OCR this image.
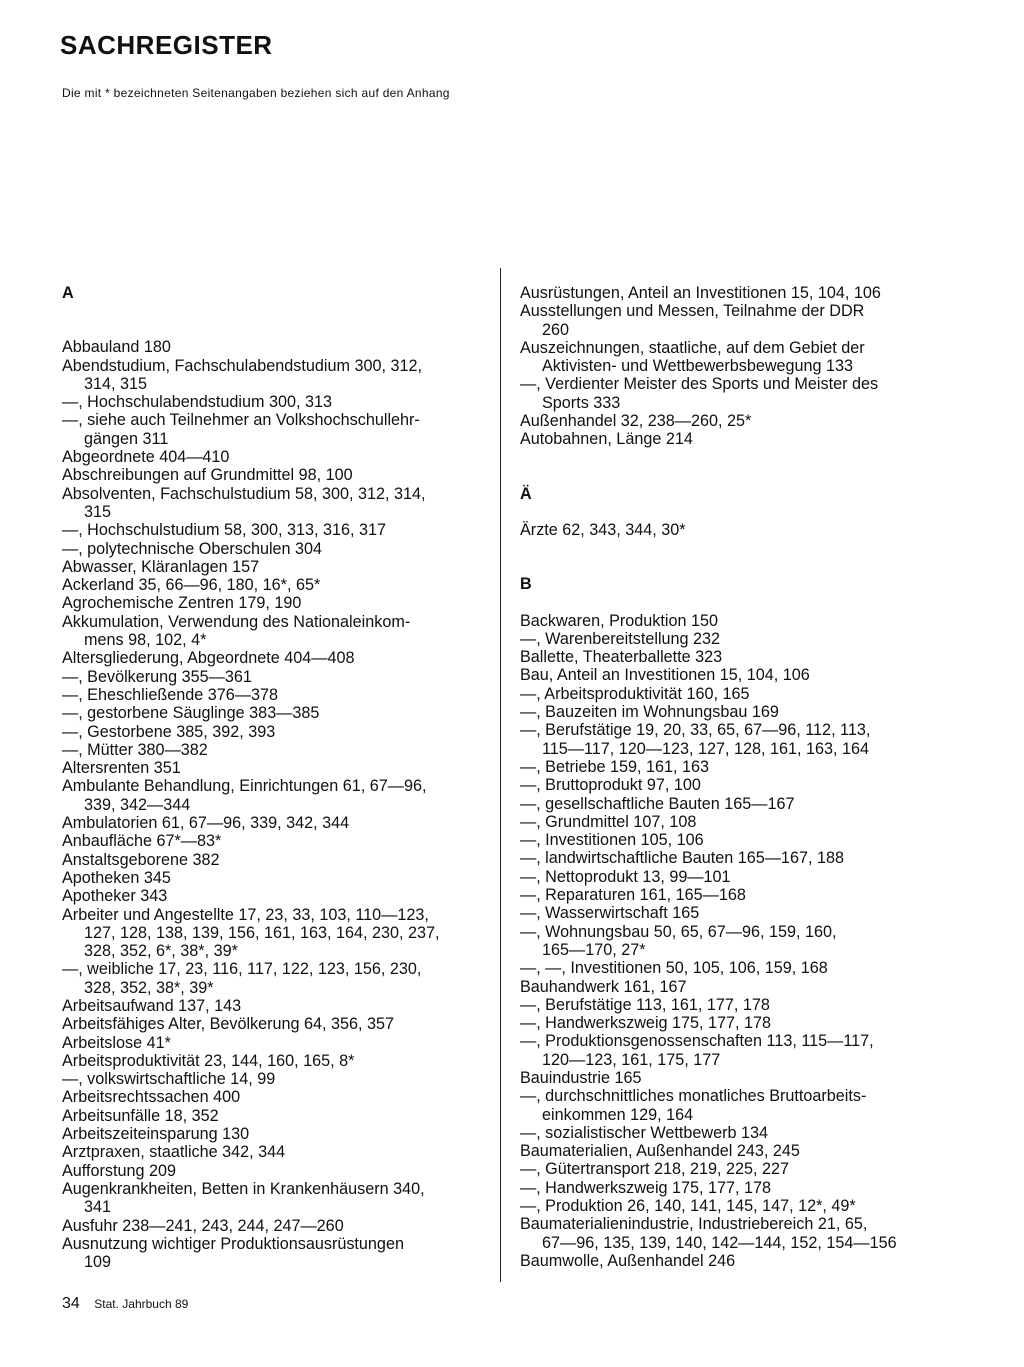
SACHREGISTER
Die mit * bezeichneten Seitenangaben beziehen sich auf den Anhang

A

Abbauland 180

Abendstudium, Fachschulabendstudium 300, 312,
314, 315

—, Hochschulabendstudium 300, 313

—, siehe auch Teilnehmer an Volkshochschullehr-
gängen 311

Abgeordnete 404—410

Abschreibungen auf Grundmittel 98, 100

Absolventen, Fachschulstudium 58, 300, 312, 314,
315

—, Hochschulstudium 58, 300, 313, 316, 317

—, polytechnische Oberschulen 304

Abwasser, Kläranlagen 157

Ackerland 35, 66—96, 180, 16*, 65*

Agrochemische Zentren 179, 190

Akkumulation, Verwendung des Nationaleinkom-
mens 98, 102, 4*

Altersgliederung, Abgeordnete 404—408

—, Bevölkerung 355—361

—, Eheschließende 376—378

—, gestorbene Säuglinge 383—385

—, Gestorbene 385, 392, 393

—, Mütter 380—382

Altersrenten 351

Ambulante Behandlung, Einrichtungen 61, 67—96,
339, 342—344

Ambulatorien 61, 67—96, 339, 342, 344

Anbaufläche 67*—83*

Anstaltsgeborene 382

Apotheken 345

Apotheker 343

Arbeiter und Angestellte 17, 23, 33, 103, 110—123,
127, 128, 138, 139, 156, 161, 163, 164, 230, 237,
328, 352, 6*, 38*, 39*

—, weibliche 17, 23, 116, 117, 122, 123, 156, 230,
328, 352, 38*, 39*

Arbeitsaufwand 137, 143

Arbeitsfähiges Alter, Bevölkerung 64, 356, 357

Arbeitslose 41*

Arbeitsproduktivität 23, 144, 160, 165, 8*

—, volkswirtschaftliche 14, 99

Arbeitsrechtssachen 400

Arbeitsunfälle 18, 352

Arbeitszeiteinsparung 130

Arztpraxen, staatliche 342, 344

Aufforstung 209

Augenkrankheiten, Betten in Krankenhäusern 340,
341

Ausfuhr 238—241, 243, 244, 247—260

Ausnutzung wichtiger Produktionsausrüstungen
109

Ausrüstungen, Anteil an Investitionen 15, 104, 106

Ausstellungen und Messen, Teilnahme der DDR
260

Auszeichnungen, staatliche, auf dem Gebiet der
Aktivisten- und Wettbewerbsbewegung 133

—, Verdienter Meister des Sports und Meister des
Sports 333

Außenhandel 32, 238—260, 25*

Autobahnen, Länge 214

Ä

Ärzte 62, 343, 344, 30*

B

Backwaren, Produktion 150

—, Warenbereitstellung 232

Ballette, Theaterballette 323

Bau, Anteil an Investitionen 15, 104, 106

—, Arbeitsproduktivität 160, 165

—, Bauzeiten im Wohnungsbau 169

—, Berufstätige 19, 20, 33, 65, 67—96, 112, 113,
115—117, 120—123, 127, 128, 161, 163, 164

—, Betriebe 159, 161, 163

—, Bruttoprodukt 97, 100

—, gesellschaftliche Bauten 165—167

—, Grundmittel 107, 108

—, Investitionen 105, 106

—, landwirtschaftliche Bauten 165—167, 188

—, Nettoprodukt 13, 99—101

—, Reparaturen 161, 165—168

—, Wasserwirtschaft 165

—, Wohnungsbau 50, 65, 67—96, 159, 160,
165—170, 27*

—, —, Investitionen 50, 105, 106, 159, 168

Bauhandwerk 161, 167

—, Berufstätige 113, 161, 177, 178

—, Handwerkszweig 175, 177, 178

—, Produktionsgenossenschaften 113, 115—117,
120—123, 161, 175, 177

Bauindustrie 165

—, durchschnittliches monatliches Bruttoarbeits-
einkommen 129, 164

—, sozialistischer Wettbewerb 134

Baumaterialien, Außenhandel 243, 245

—, Gütertransport 218, 219, 225, 227

—, Handwerkszweig 175, 177, 178

—, Produktion 26, 140, 141, 145, 147, 12*, 49*

Baumaterialienindustrie, Industriebereich 21, 65,
67—96, 135, 139, 140, 142—144, 152, 154—156

Baumwolle, Außenhandel 246

34 Stat. Jahrbuch 89
